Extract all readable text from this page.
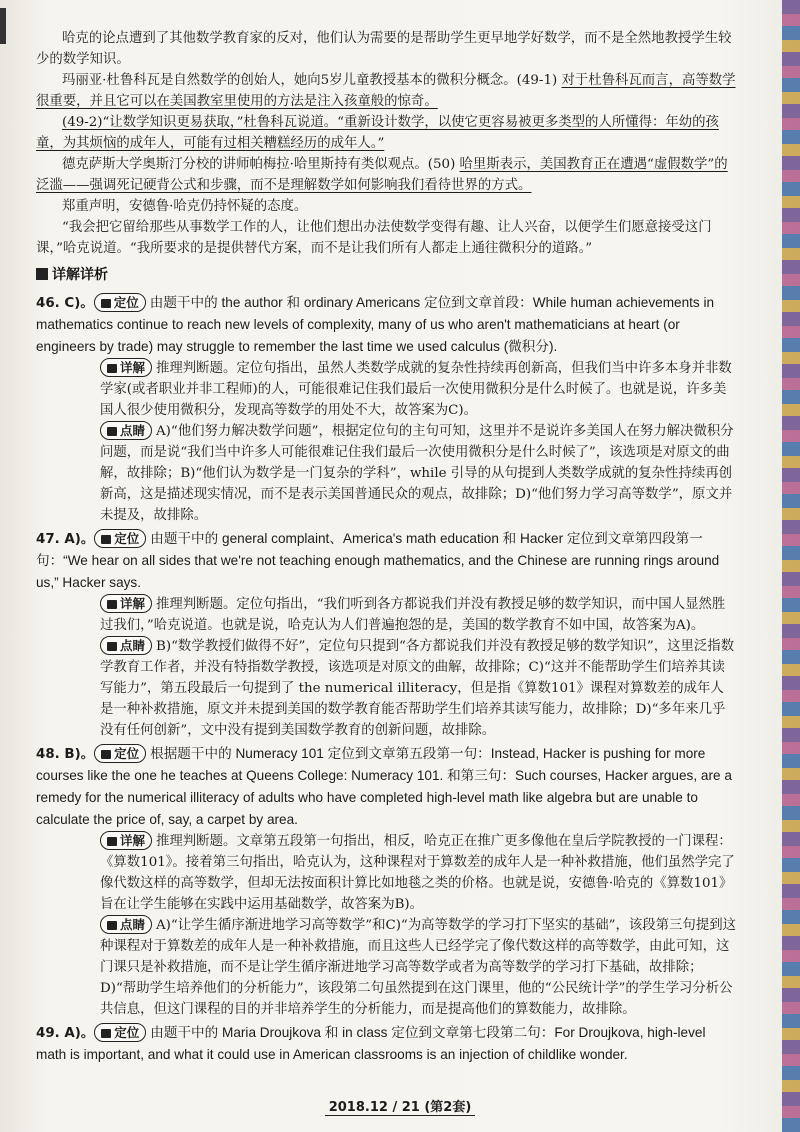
哈克的论点遭到了其他数学教育家的反对，他们认为需要的是帮助学生更早地学好数学，而不是全然地教授学生较少的数学知识。

玛丽亚·杜鲁科瓦是自然数学的创始人，她向5岁儿童教授基本的微积分概念。(49-1) 对于杜鲁科瓦而言，高等数学很重要，并且它可以在美国教室里使用的方法是注入孩童般的惊奇。

(49-2)“让数学知识更易获取，”杜鲁科瓦说道。“重新设计数学，以使它更容易被更多类型的人所懂得：年幼的孩童，为其烦恼的成年人，可能有过相关糟糕经历的成年人。”

德克萨斯大学奥斯汀分校的讲师帕梅拉·哈里斯持有类似观点。(50) 哈里斯表示，美国教育正在遭遇“虚假数学”的泛滥——强调死记硬背公式和步骤，而不是理解数学如何影响我们看待世界的方式。

郑重声明，安德鲁·哈克仍持怀疑的态度。

“我会把它留给那些从事数学工作的人，让他们想出办法使数学变得有趣、让人兴奋，以便学生们愿意接受这门课，”哈克说道。“我所要求的是提供替代方案，而不是让我们所有人都走上通往微积分的道路。”

详解详析

46. C)。 定位 由题干中的 the author 和 ordinary Americans 定位到文章首段：While human achievements in mathematics continue to reach new levels of complexity, many of us who aren't mathematicians at heart (or engineers by trade) may struggle to remember the last time we used calculus (微积分).

详解 推理判断题。定位句指出，虽然人类数学成就的复杂性持续再创新高，但我们当中许多本身并非数学家(或者职业并非工程师)的人，可能很难记住我们最后一次使用微积分是什么时候了。也就是说，许多美国人很少使用微积分，发现高等数学的用处不大，故答案为C)。

点睛 A)“他们努力解决数学问题”，根据定位句的主句可知，这里并不是说许多美国人在努力解决微积分问题，而是说“我们当中许多人可能很难记住我们最后一次使用微积分是什么时候了”，该选项是对原文的曲解，故排除；B)“他们认为数学是一门复杂的学科”，while 引导的从句提到人类数学成就的复杂性持续再创新高，这是描述现实情况，而不是表示美国普通民众的观点，故排除；D)“他们努力学习高等数学”，原文并未提及，故排除。

47. A)。 定位 由题干中的 general complaint、America's math education 和 Hacker 定位到文章第四段第一句：“We hear on all sides that we're not teaching enough mathematics, and the Chinese are running rings around us,” Hacker says.

详解 推理判断题。定位句指出，“我们听到各方都说我们并没有教授足够的数学知识，而中国人显然胜过我们，”哈克说道。也就是说，哈克认为人们普遍抱怨的是，美国的数学教育不如中国，故答案为A)。

点睛 B)“数学教授们做得不好”，定位句只提到“各方都说我们并没有教授足够的数学知识”，这里泛指数学教育工作者，并没有特指数学教授，该选项是对原文的曲解，故排除；C)“这并不能帮助学生们培养其读写能力”，第五段最后一句提到了 the numerical illiteracy，但是指《算数101》课程对算数差的成年人是一种补救措施，原文并未提到美国的数学教育能否帮助学生们培养其读写能力，故排除；D)“多年来几乎没有任何创新”，文中没有提到美国数学教育的创新问题，故排除。

48. B)。 定位 根据题干中的 Numeracy 101 定位到文章第五段第一句：Instead, Hacker is pushing for more courses like the one he teaches at Queens College: Numeracy 101. 和第三句：Such courses, Hacker argues, are a remedy for the numerical illiteracy of adults who have completed high-level math like algebra but are unable to calculate the price of, say, a carpet by area.

详解 推理判断题。文章第五段第一句指出，相反，哈克正在推广更多像他在皇后学院教授的一门课程：《算数101》。接着第三句指出，哈克认为，这种课程对于算数差的成年人是一种补救措施，他们虽然学完了像代数这样的高等数学，但却无法按面积计算比如地毯之类的价格。也就是说，安德鲁·哈克的《算数101》旨在让学生能够在实践中运用基础数学，故答案为B)。

点睛 A)“让学生循序渐进地学习高等数学”和C)“为高等数学的学习打下坚实的基础”，该段第三句提到这种课程对于算数差的成年人是一种补救措施，而且这些人已经学完了像代数这样的高等数学，由此可知，这门课只是补救措施，而不是让学生循序渐进地学习高等数学或者为高等数学的学习打下基础，故排除；D)“帮助学生培养他们的分析能力”，该段第二句虽然提到在这门课里，他的“公民统计学”的学生学习分析公共信息，但这门课程的目的并非培养学生的分析能力，而是提高他们的算数能力，故排除。

49. A)。 定位 由题干中的 Maria Droujkova 和 in class 定位到文章第七段第二句：For Droujkova, high-level math is important, and what it could use in American classrooms is an injection of childlike wonder.

2018.12 / 21 (第2套)
